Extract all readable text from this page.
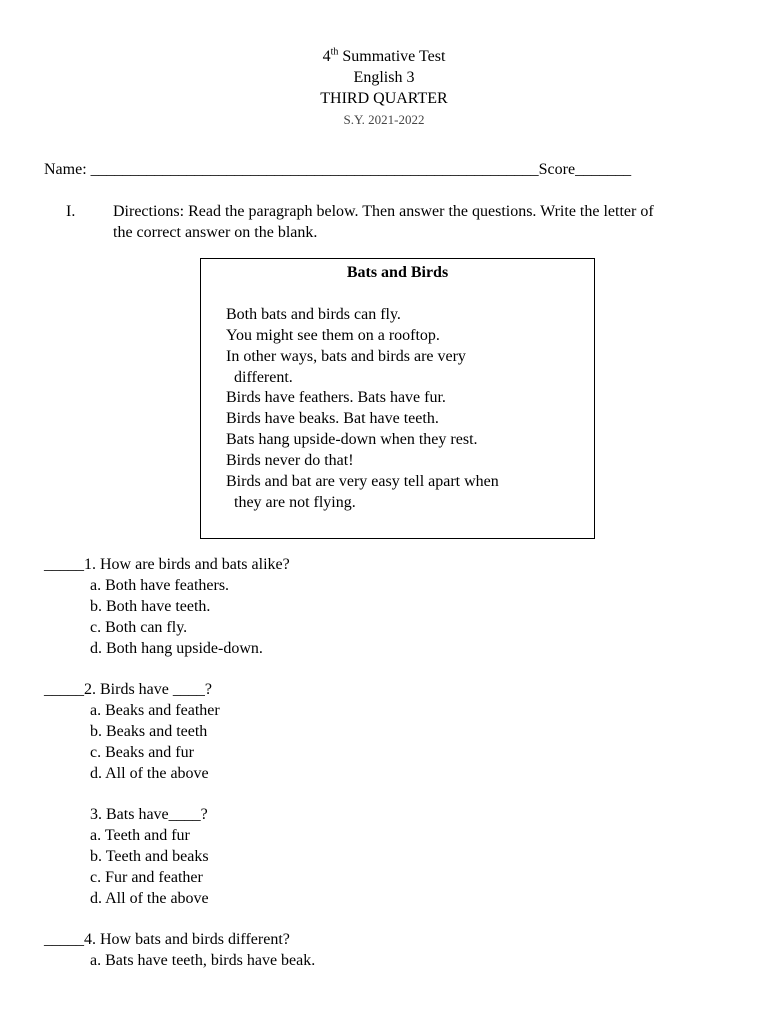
4th Summative Test
English 3
THIRD QUARTER
S.Y. 2021-2022
Name: ________________________________________________________Score_______
I. Directions: Read the paragraph below. Then answer the questions. Write the letter of
the correct answer on the blank.
Bats and Birds
Both bats and birds can fly.
You might see them on a rooftop.
In other ways, bats and birds are very
different.
Birds have feathers. Bats have fur.
Birds have beaks. Bat have teeth.
Bats hang upside-down when they rest.
Birds never do that!
Birds and bat are very easy tell apart when
they are not flying.
_____1. How are birds and bats alike?
a. Both have feathers.
b. Both have teeth.
c. Both can fly.
d. Both hang upside-down.
_____2. Birds have ____?
a. Beaks and feather
b. Beaks and teeth
c. Beaks and fur
d. All of the above
3. Bats have____?
a. Teeth and fur
b. Teeth and beaks
c. Fur and feather
d. All of the above
_____4. How bats and birds different?
a. Bats have teeth, birds have beak.
